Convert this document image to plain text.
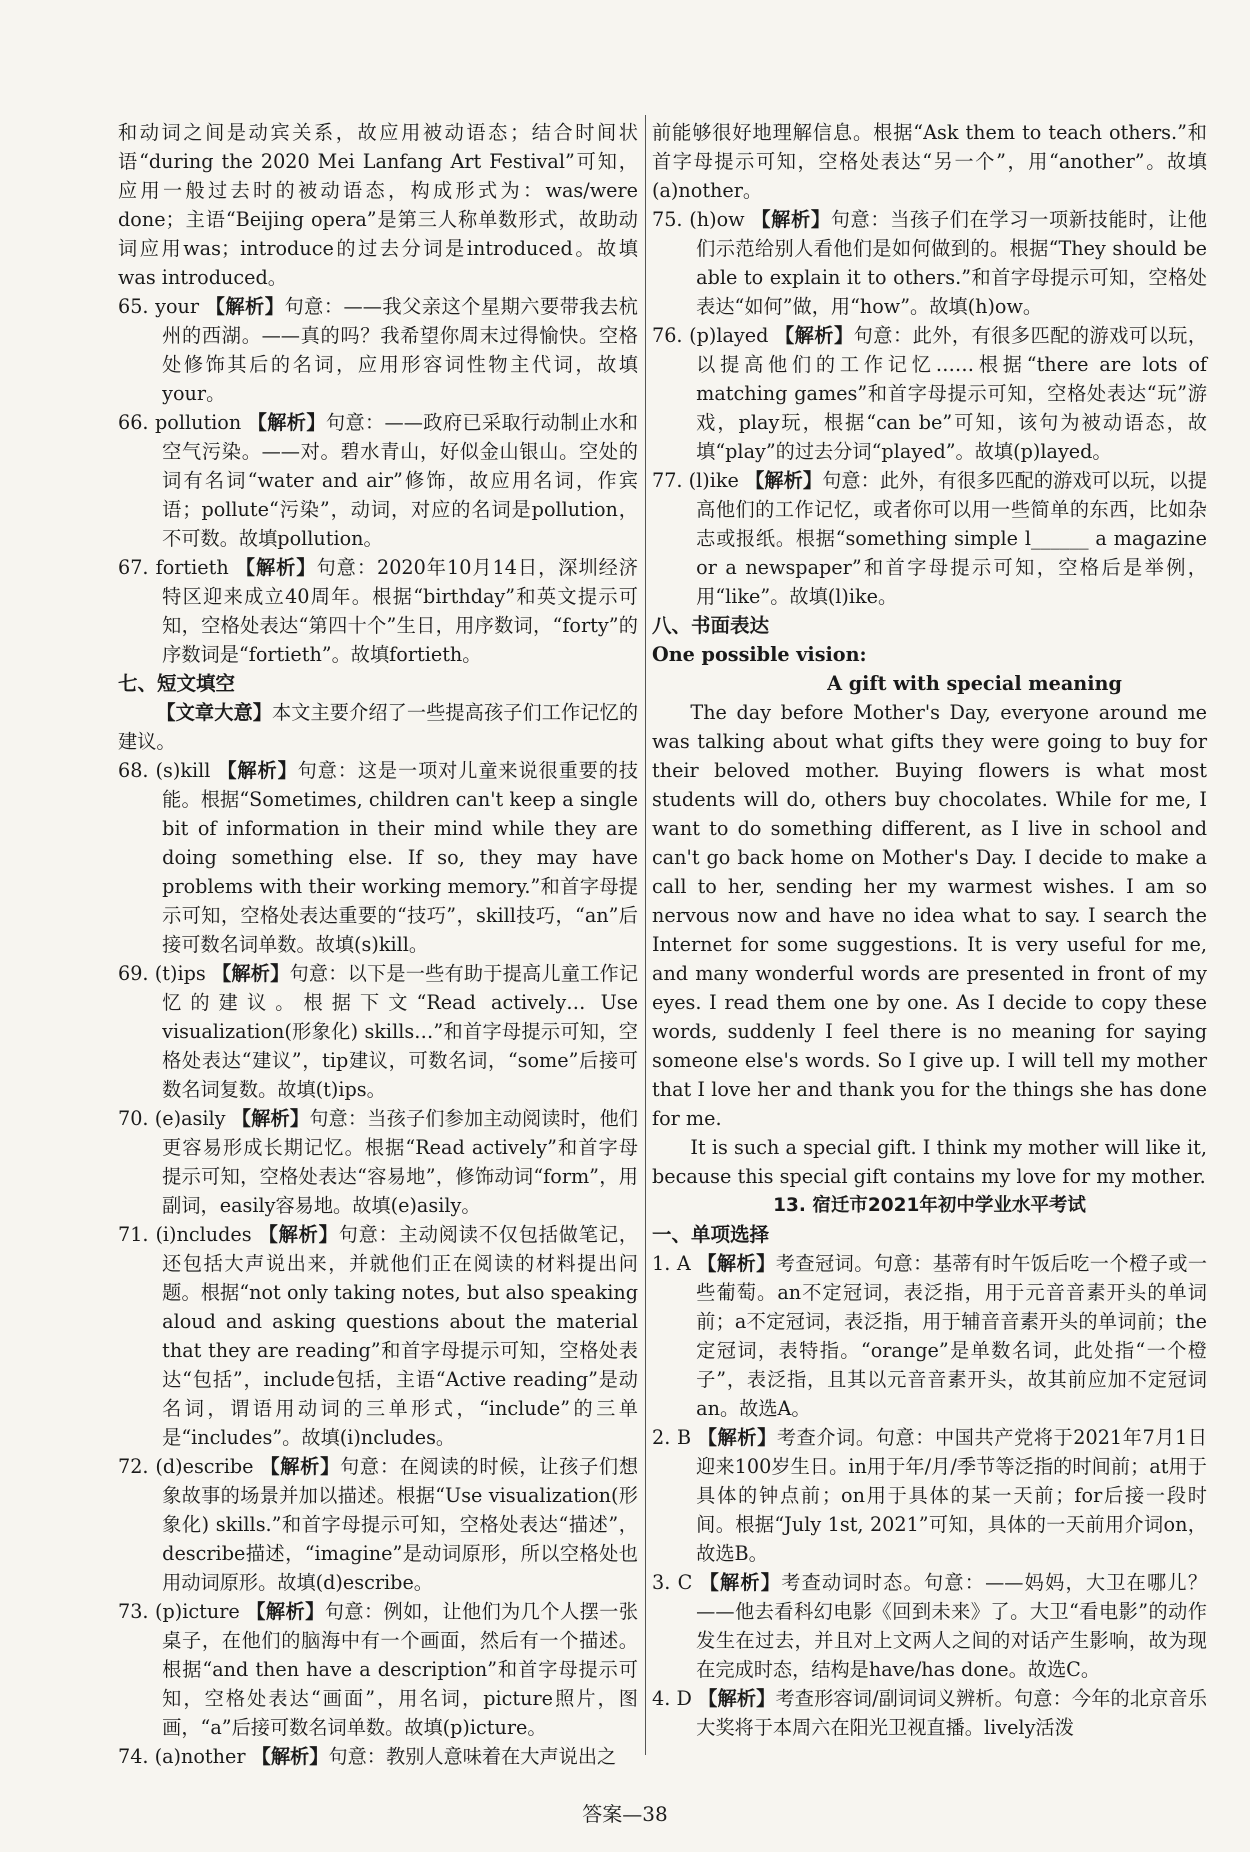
和动词之间是动宾关系，故应用被动语态；结合时间状语“during the 2020 Mei Lanfang Art Festival”可知，应用一般过去时的被动语态，构成形式为：was/were done；主语“Beijing opera”是第三人称单数形式，故助动词应用was；introduce的过去分词是introduced。故填was introduced。

65. your 【解析】句意：——我父亲这个星期六要带我去杭州的西湖。——真的吗？我希望你周末过得愉快。空格处修饰其后的名词，应用形容词性物主代词，故填your。

66. pollution 【解析】句意：——政府已采取行动制止水和空气污染。——对。碧水青山，好似金山银山。空处的词有名词“water and air”修饰，故应用名词，作宾语；pollute“污染”，动词，对应的名词是pollution，不可数。故填pollution。

67. fortieth 【解析】句意：2020年10月14日，深圳经济特区迎来成立40周年。根据“birthday”和英文提示可知，空格处表达“第四十个”生日，用序数词，“forty”的序数词是“fortieth”。故填fortieth。

七、短文填空

【文章大意】本文主要介绍了一些提高孩子们工作记忆的建议。

68. (s)kill 【解析】句意：这是一项对儿童来说很重要的技能。根据“Sometimes, children can't keep a single bit of information in their mind while they are doing something else. If so, they may have problems with their working memory.”和首字母提示可知，空格处表达重要的“技巧”，skill技巧，“an”后接可数名词单数。故填(s)kill。

69. (t)ips 【解析】句意：以下是一些有助于提高儿童工作记忆的建议。根据下文“Read actively… Use visualization(形象化) skills…”和首字母提示可知，空格处表达“建议”，tip建议，可数名词，“some”后接可数名词复数。故填(t)ips。

70. (e)asily 【解析】句意：当孩子们参加主动阅读时，他们更容易形成长期记忆。根据“Read actively”和首字母提示可知，空格处表达“容易地”，修饰动词“form”，用副词，easily容易地。故填(e)asily。

71. (i)ncludes 【解析】句意：主动阅读不仅包括做笔记，还包括大声说出来，并就他们正在阅读的材料提出问题。根据“not only taking notes, but also speaking aloud and asking questions about the material that they are reading”和首字母提示可知，空格处表达“包括”，include包括，主语“Active reading”是动名词，谓语用动词的三单形式，“include”的三单是“includes”。故填(i)ncludes。

72. (d)escribe 【解析】句意：在阅读的时候，让孩子们想象故事的场景并加以描述。根据“Use visualization(形象化) skills.”和首字母提示可知，空格处表达“描述”，describe描述，“imagine”是动词原形，所以空格处也用动词原形。故填(d)escribe。

73. (p)icture 【解析】句意：例如，让他们为几个人摆一张桌子，在他们的脑海中有一个画面，然后有一个描述。根据“and then have a description”和首字母提示可知，空格处表达“画面”，用名词，picture照片，图画，“a”后接可数名词单数。故填(p)icture。

74. (a)nother 【解析】句意：教别人意味着在大声说出之

前能够很好地理解信息。根据“Ask them to teach others.”和首字母提示可知，空格处表达“另一个”，用“another”。故填(a)nother。

75. (h)ow 【解析】句意：当孩子们在学习一项新技能时，让他们示范给别人看他们是如何做到的。根据“They should be able to explain it to others.”和首字母提示可知，空格处表达“如何”做，用“how”。故填(h)ow。

76. (p)layed 【解析】句意：此外，有很多匹配的游戏可以玩，以提高他们的工作记忆……根据“there are lots of matching games”和首字母提示可知，空格处表达“玩”游戏，play玩，根据“can be”可知，该句为被动语态，故填“play”的过去分词“played”。故填(p)layed。

77. (l)ike 【解析】句意：此外，有很多匹配的游戏可以玩，以提高他们的工作记忆，或者你可以用一些简单的东西，比如杂志或报纸。根据“something simple l______ a magazine or a newspaper”和首字母提示可知，空格后是举例，用“like”。故填(l)ike。

八、书面表达

One possible vision:

A gift with special meaning

The day before Mother's Day, everyone around me was talking about what gifts they were going to buy for their beloved mother. Buying flowers is what most students will do, others buy chocolates. While for me, I want to do something different, as I live in school and can't go back home on Mother's Day. I decide to make a call to her, sending her my warmest wishes. I am so nervous now and have no idea what to say. I search the Internet for some suggestions. It is very useful for me, and many wonderful words are presented in front of my eyes. I read them one by one. As I decide to copy these words, suddenly I feel there is no meaning for saying someone else's words. So I give up. I will tell my mother that I love her and thank you for the things she has done for me.

It is such a special gift. I think my mother will like it, because this special gift contains my love for my mother.

13. 宿迁市2021年初中学业水平考试

一、单项选择

1. A 【解析】考查冠词。句意：基蒂有时午饭后吃一个橙子或一些葡萄。an不定冠词，表泛指，用于元音音素开头的单词前；a不定冠词，表泛指，用于辅音音素开头的单词前；the定冠词，表特指。“orange”是单数名词，此处指“一个橙子”，表泛指，且其以元音音素开头，故其前应加不定冠词an。故选A。

2. B 【解析】考查介词。句意：中国共产党将于2021年7月1日迎来100岁生日。in用于年/月/季节等泛指的时间前；at用于具体的钟点前；on用于具体的某一天前；for后接一段时间。根据“July 1st, 2021”可知，具体的一天前用介词on，故选B。

3. C 【解析】考查动词时态。句意：——妈妈，大卫在哪儿？——他去看科幻电影《回到未来》了。大卫“看电影”的动作发生在过去，并且对上文两人之间的对话产生影响，故为现在完成时态，结构是have/has done。故选C。

4. D 【解析】考查形容词/副词词义辨析。句意：今年的北京音乐大奖将于本周六在阳光卫视直播。lively活泼

答案—38
